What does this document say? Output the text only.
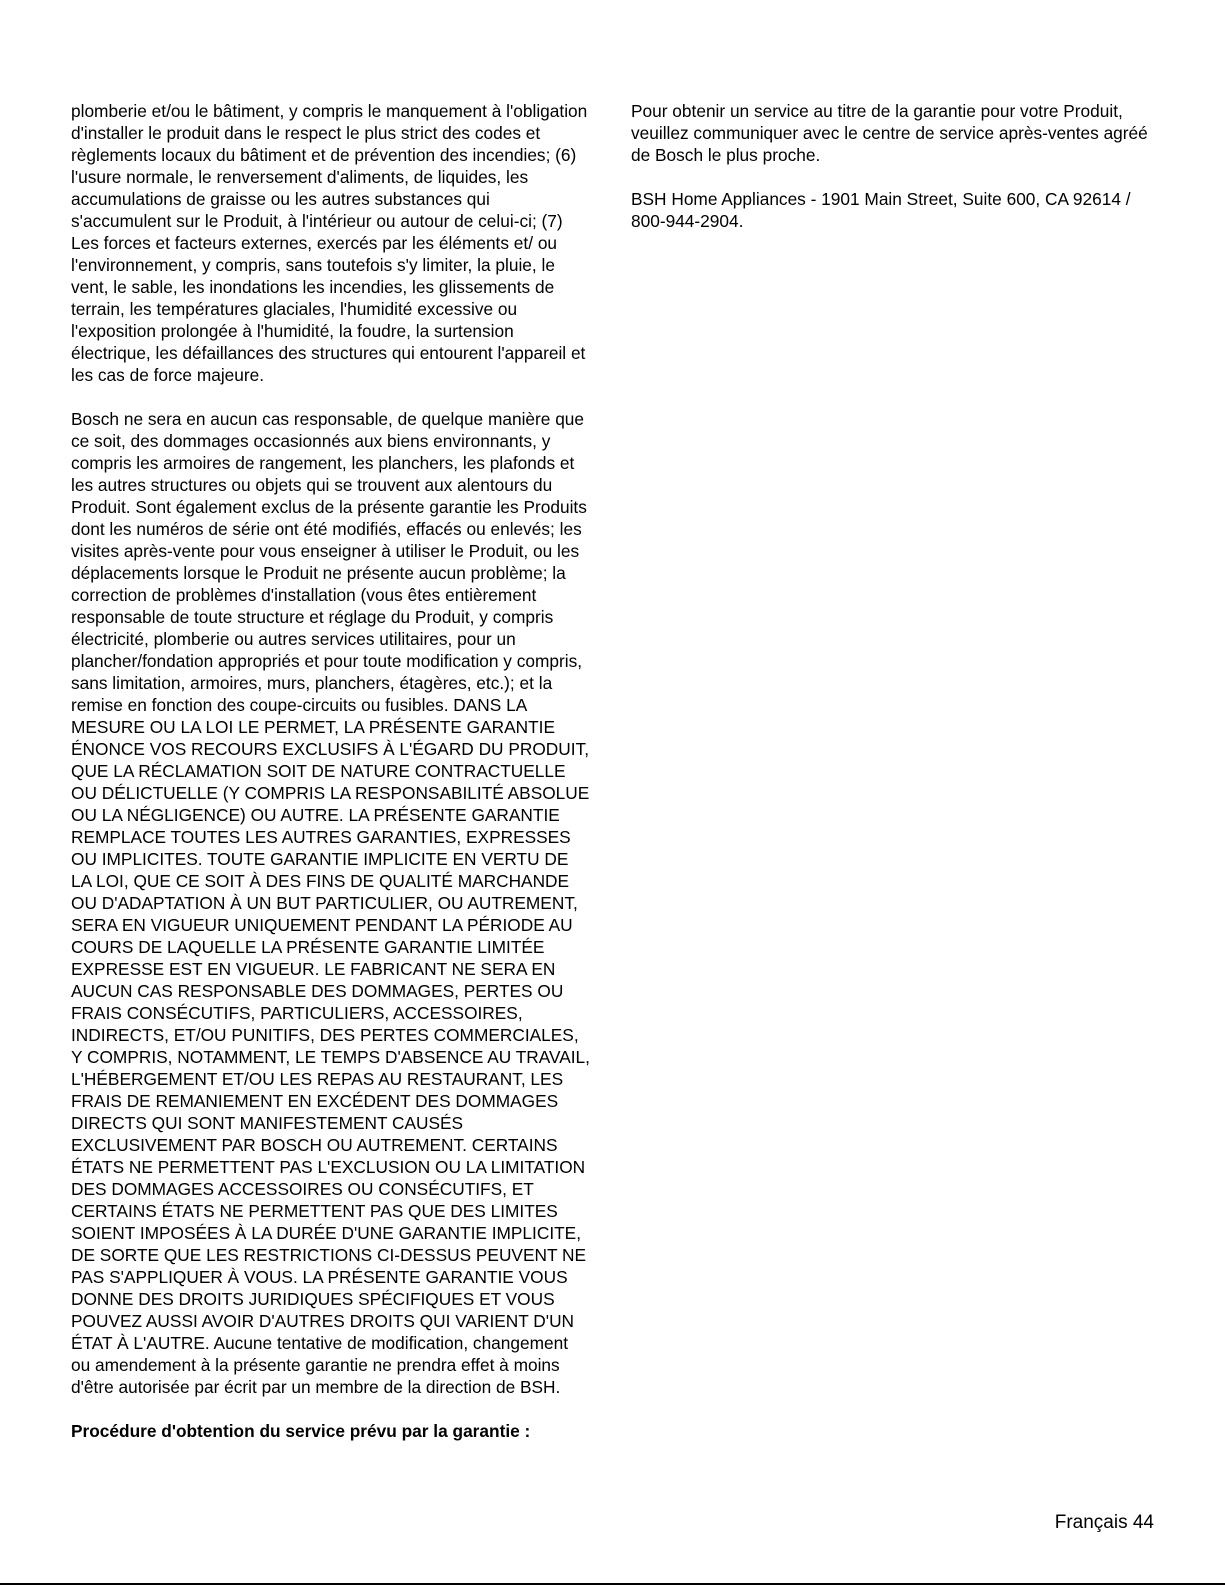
plomberie et/ou le bâtiment, y compris le manquement à l'obligation d'installer le produit dans le respect le plus strict des codes et règlements locaux du bâtiment et de prévention des incendies; (6) l'usure normale, le renversement d'aliments, de liquides, les accumulations de graisse ou les autres substances qui s'accumulent sur le Produit, à l'intérieur ou autour de celui-ci; (7) Les forces et facteurs externes, exercés par les éléments et/ ou l'environnement, y compris, sans toutefois s'y limiter, la pluie, le vent, le sable, les inondations les incendies, les glissements de terrain, les températures glaciales, l'humidité excessive ou l'exposition prolongée à l'humidité, la foudre, la surtension électrique, les défaillances des structures qui entourent l'appareil et les cas de force majeure.

Bosch ne sera en aucun cas responsable, de quelque manière que ce soit, des dommages occasionnés aux biens environnants, y compris les armoires de rangement, les planchers, les plafonds et les autres structures ou objets qui se trouvent aux alentours du Produit. Sont également exclus de la présente garantie les Produits dont les numéros de série ont été modifiés, effacés ou enlevés; les visites après-vente pour vous enseigner à utiliser le Produit, ou les déplacements lorsque le Produit ne présente aucun problème; la correction de problèmes d'installation (vous êtes entièrement responsable de toute structure et réglage du Produit, y compris électricité, plomberie ou autres services utilitaires, pour un plancher/fondation appropriés et pour toute modification y compris, sans limitation, armoires, murs, planchers, étagères, etc.); et la remise en fonction des coupe-circuits ou fusibles. DANS LA MESURE OU LA LOI LE PERMET, LA PRÉSENTE GARANTIE ÉNONCE VOS RECOURS EXCLUSIFS À L'ÉGARD DU PRODUIT, QUE LA RÉCLAMATION SOIT DE NATURE CONTRACTUELLE OU DÉLICTUELLE (Y COMPRIS LA RESPONSABILITÉ ABSOLUE OU LA NÉGLIGENCE) OU AUTRE. LA PRÉSENTE GARANTIE REMPLACE TOUTES LES AUTRES GARANTIES, EXPRESSES OU IMPLICITES. TOUTE GARANTIE IMPLICITE EN VERTU DE LA LOI, QUE CE SOIT À DES FINS DE QUALITÉ MARCHANDE OU D'ADAPTATION À UN BUT PARTICULIER, OU AUTREMENT, SERA EN VIGUEUR UNIQUEMENT PENDANT LA PÉRIODE AU COURS DE LAQUELLE LA PRÉSENTE GARANTIE LIMITÉE EXPRESSE EST EN VIGUEUR. LE FABRICANT NE SERA EN AUCUN CAS RESPONSABLE DES DOMMAGES, PERTES OU FRAIS CONSÉCUTIFS, PARTICULIERS, ACCESSOIRES, INDIRECTS, ET/OU PUNITIFS, DES PERTES COMMERCIALES, Y COMPRIS, NOTAMMENT, LE TEMPS D'ABSENCE AU TRAVAIL, L'HÉBERGEMENT ET/OU LES REPAS AU RESTAURANT, LES FRAIS DE REMANIEMENT EN EXCÉDENT DES DOMMAGES DIRECTS QUI SONT MANIFESTEMENT CAUSÉS EXCLUSIVEMENT PAR BOSCH OU AUTREMENT. CERTAINS ÉTATS NE PERMETTENT PAS L'EXCLUSION OU LA LIMITATION DES DOMMAGES ACCESSOIRES OU CONSÉCUTIFS, ET CERTAINS ÉTATS NE PERMETTENT PAS QUE DES LIMITES SOIENT IMPOSÉES À LA DURÉE D'UNE GARANTIE IMPLICITE, DE SORTE QUE LES RESTRICTIONS CI-DESSUS PEUVENT NE PAS S'APPLIQUER À VOUS. LA PRÉSENTE GARANTIE VOUS DONNE DES DROITS JURIDIQUES SPÉCIFIQUES ET VOUS POUVEZ AUSSI AVOIR D'AUTRES DROITS QUI VARIENT D'UN ÉTAT À L'AUTRE. Aucune tentative de modification, changement ou amendement à la présente garantie ne prendra effet à moins d'être autorisée par écrit par un membre de la direction de BSH.

Procédure d'obtention du service prévu par la garantie :

Pour obtenir un service au titre de la garantie pour votre Produit, veuillez communiquer avec le centre de service après-ventes agréé de Bosch le plus proche.

BSH Home Appliances - 1901 Main Street, Suite 600, CA 92614 / 800-944-2904.

Français 44
